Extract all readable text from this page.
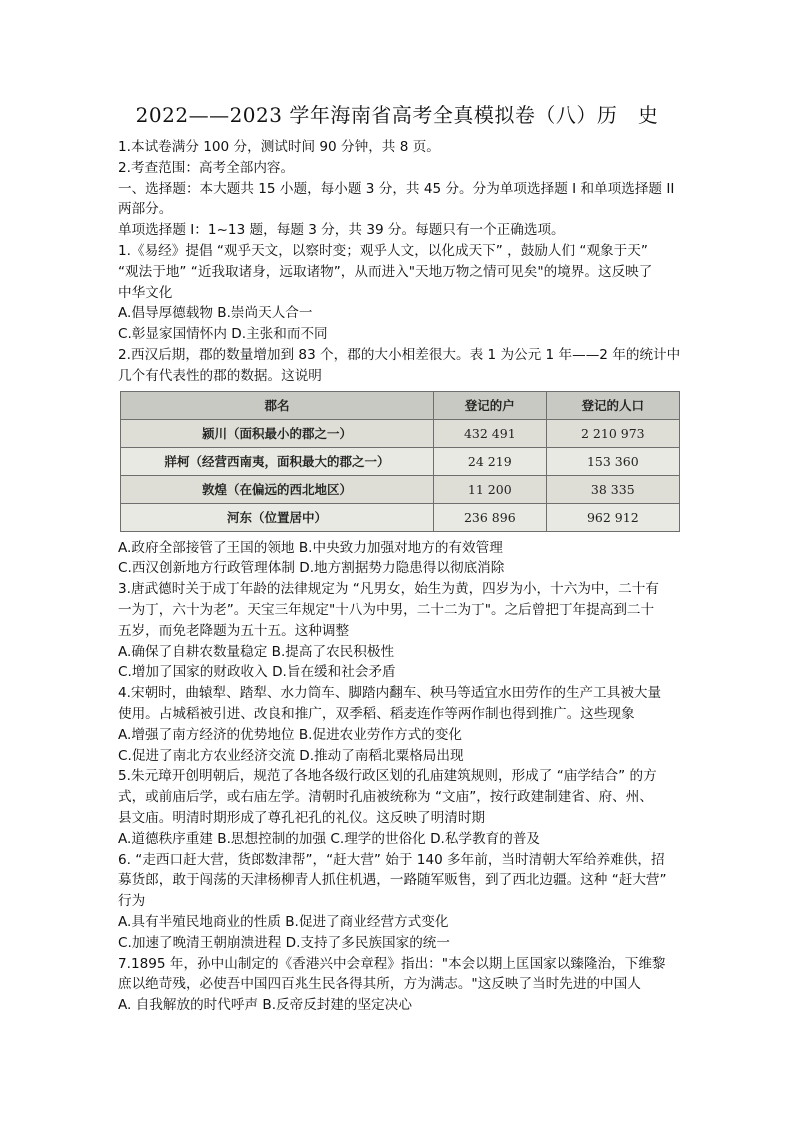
2022——2023 学年海南省高考全真模拟卷（八）历　史
1.本试卷满分 100 分，测试时间 90 分钟，共 8 页。
2.考查范围：高考全部内容。
一、选择题：本大题共 15 小题，每小题 3 分，共 45 分。分为单项选择题 I 和单项选择题 II
两部分。
单项选择题 I：1~13 题，每题 3 分，共 39 分。每题只有一个正确选项。
1.《易经》提倡 “观乎天文，以察时变；观乎人文，以化成天下” ，鼓励人们 “观象于天”
“观法于地” “近我取诸身，远取诸物”，从而进入"天地万物之情可见矣"的境界。这反映了
中华文化
A.倡导厚德载物 B.崇尚天人合一
C.彰显家国情怀内 D.主张和而不同
2.西汉后期，郡的数量增加到 83 个，郡的大小相差很大。表 1 为公元 1 年——2 年的统计中
几个有代表性的郡的数据。这说明
郡名	登记的户	登记的人口
颍川（面积最小的郡之一）	432 491	2 210 973
牂柯（经营西南夷，面积最大的郡之一）	24 219	153 360
敦煌（在偏远的西北地区）	11 200	38 335
河东（位置居中）	236 896	962 912
A.政府全部接管了王国的领地 B.中央致力加强对地方的有效管理
C.西汉创新地方行政管理体制 D.地方割据势力隐患得以彻底消除
3.唐武德时关于成丁年龄的法律规定为 “凡男女，始生为黄，四岁为小，十六为中，二十有
一为丁，六十为老”。天宝三年规定"十八为中男，二十二为丁"。之后曾把丁年提高到二十
五岁，而免老降题为五十五。这种调整
A.确保了自耕农数量稳定 B.提高了农民积极性
C.增加了国家的财政收入 D.旨在缓和社会矛盾
4.宋朝时，曲辕犁、踏犁、水力筒车、脚踏内翻车、秧马等适宜水田劳作的生产工具被大量
使用。占城稻被引进、改良和推广，双季稻、稻麦连作等两作制也得到推广。这些现象
A.增强了南方经济的优势地位 B.促进农业劳作方式的变化
C.促进了南北方农业经济交流 D.推动了南稻北粟格局出现
5.朱元璋开创明朝后，规范了各地各级行政区划的孔庙建筑规则，形成了 “庙学结合” 的方
式，或前庙后学，或右庙左学。清朝时孔庙被统称为 “文庙”，按行政建制建省、府、州、
县文庙。明清时期形成了尊孔祀孔的礼仪。这反映了明清时期
A.道德秩序重建 B.思想控制的加强 C.理学的世俗化 D.私学教育的普及
6. “走西口赶大营，货郎数津帮”，“赶大营” 始于 140 多年前，当时清朝大军给养难供，招
募货郎，敢于闯荡的天津杨柳青人抓住机遇，一路随军贩售，到了西北边疆。这种 “赶大营”
行为
A.具有半殖民地商业的性质 B.促进了商业经营方式变化
C.加速了晚清王朝崩溃进程 D.支持了多民族国家的统一
7.1895 年，孙中山制定的《香港兴中会章程》指出："本会以期上匡国家以臻隆治，下维黎
庶以绝苛残，必使吾中国四百兆生民各得其所，方为满志。"这反映了当时先进的中国人
A. 自我解放的时代呼声 B.反帝反封建的坚定决心
